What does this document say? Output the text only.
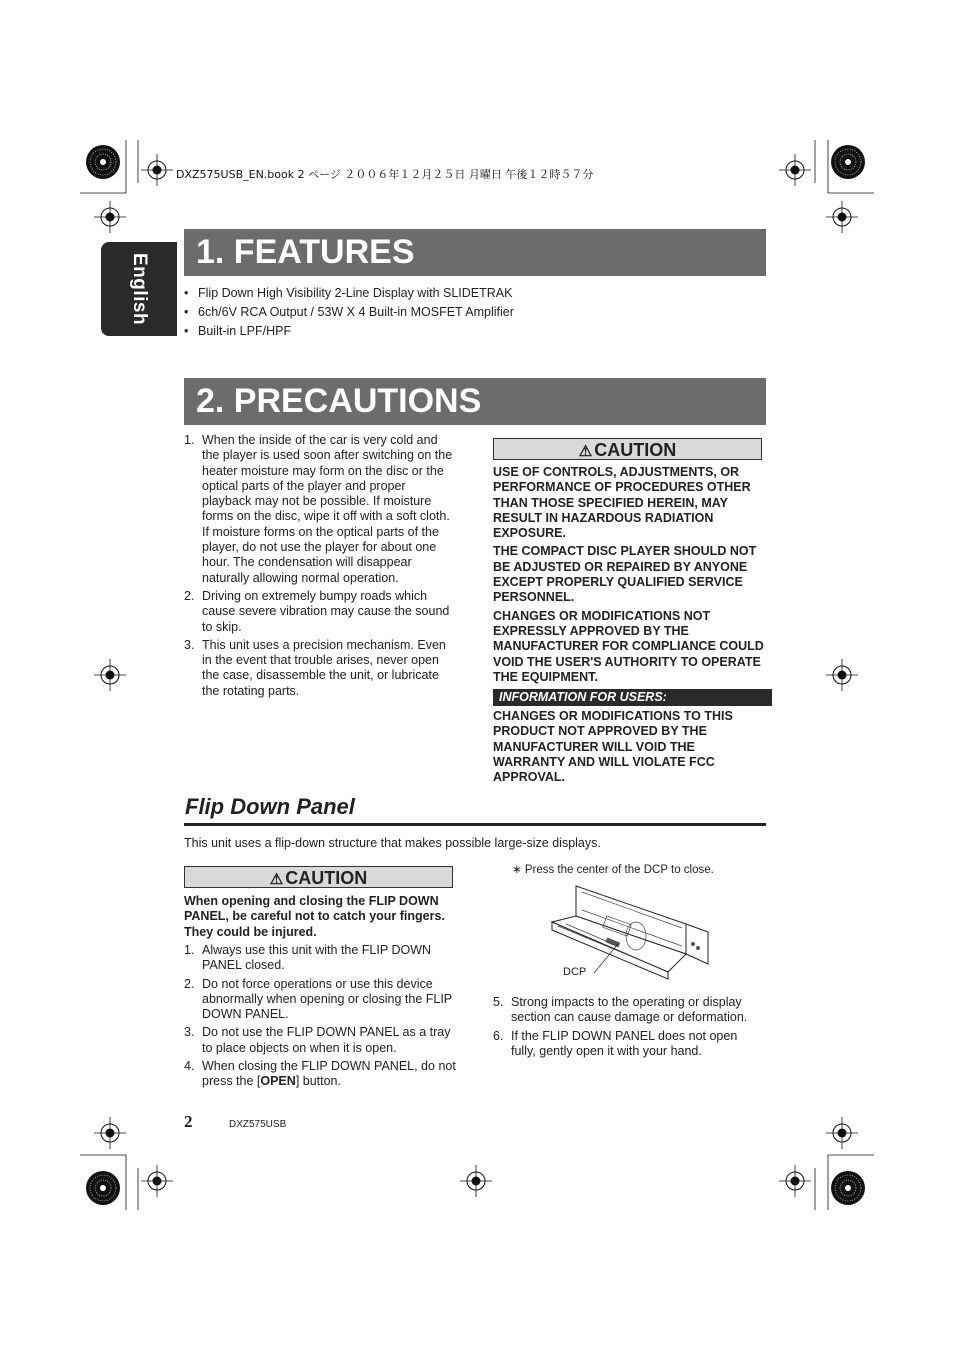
DXZ575USB_EN.book 2 ページ ２００６年１２月２５日 月曜日 午後１２時５７分
English
1. FEATURES
• Flip Down High Visibility 2-Line Display with SLIDETRAK
• 6ch/6V RCA Output / 53W X 4 Built-in MOSFET Amplifier
• Built-in LPF/HPF
2. PRECAUTIONS
1. When the inside of the car is very cold and the player is used soon after switching on the heater moisture may form on the disc or the optical parts of the player and proper playback may not be possible. If moisture forms on the disc, wipe it off with a soft cloth. If moisture forms on the optical parts of the player, do not use the player for about one hour. The condensation will disappear naturally allowing normal operation.
2. Driving on extremely bumpy roads which cause severe vibration may cause the sound to skip.
3. This unit uses a precision mechanism. Even in the event that trouble arises, never open the case, disassemble the unit, or lubricate the rotating parts.
⚠ CAUTION

USE OF CONTROLS, ADJUSTMENTS, OR PERFORMANCE OF PROCEDURES OTHER THAN THOSE SPECIFIED HEREIN, MAY RESULT IN HAZARDOUS RADIATION EXPOSURE.

THE COMPACT DISC PLAYER SHOULD NOT BE ADJUSTED OR REPAIRED BY ANYONE EXCEPT PROPERLY QUALIFIED SERVICE PERSONNEL.

CHANGES OR MODIFICATIONS NOT EXPRESSLY APPROVED BY THE MANUFACTURER FOR COMPLIANCE COULD VOID THE USER'S AUTHORITY TO OPERATE THE EQUIPMENT.

INFORMATION FOR USERS:
CHANGES OR MODIFICATIONS TO THIS PRODUCT NOT APPROVED BY THE MANUFACTURER WILL VOID THE WARRANTY AND WILL VIOLATE FCC APPROVAL.
Flip Down Panel
This unit uses a flip-down structure that makes possible large-size displays.
⚠ CAUTION
When opening and closing the FLIP DOWN PANEL, be careful not to catch your fingers. They could be injured.
1. Always use this unit with the FLIP DOWN PANEL closed.
2. Do not force operations or use this device abnormally when opening or closing the FLIP DOWN PANEL.
3. Do not use the FLIP DOWN PANEL as a tray to place objects on when it is open.
4. When closing the FLIP DOWN PANEL, do not press the [OPEN] button.
∗ Press the center of the DCP to close.
DCP
5. Strong impacts to the operating or display section can cause damage or deformation.
6. If the FLIP DOWN PANEL does not open fully, gently open it with your hand.
2	DXZ575USB
